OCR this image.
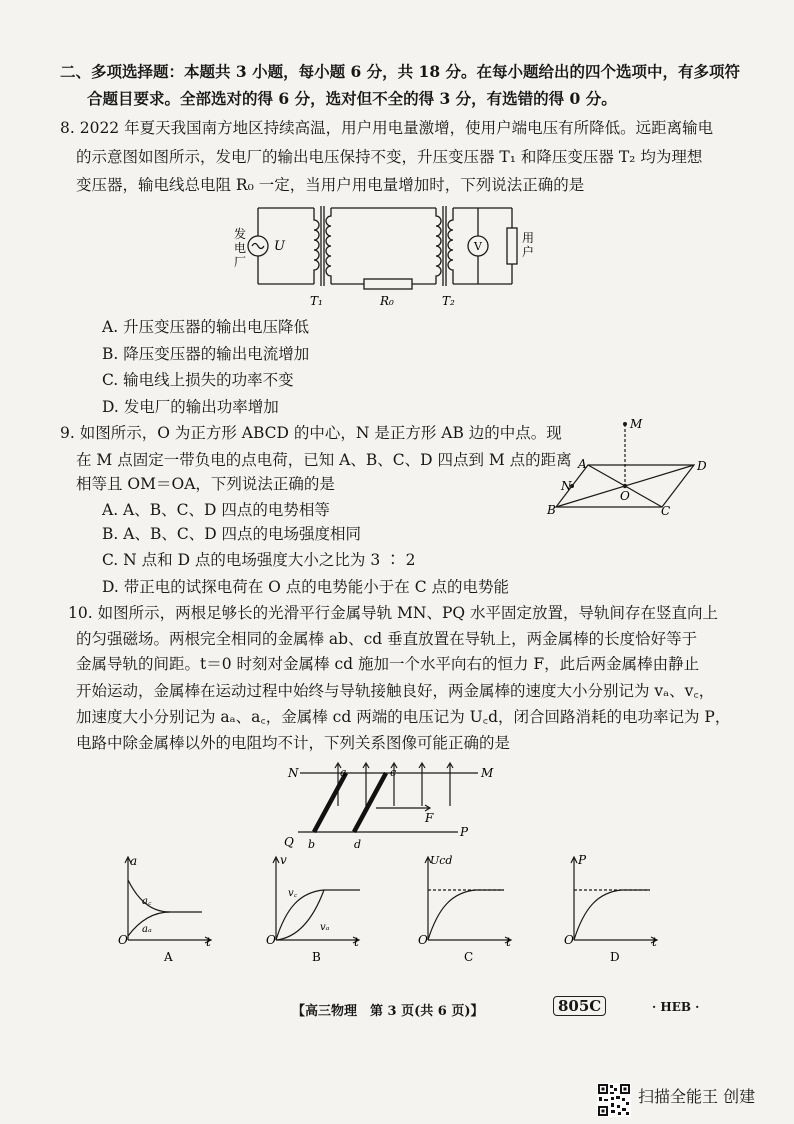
二、多项选择题：本题共 3 小题，每小题 6 分，共 18 分。在每小题给出的四个选项中，有多项符
合题目要求。全部选对的得 6 分，选对但不全的得 3 分，有选错的得 0 分。
8. 2022 年夏天我国南方地区持续高温，用户用电量激增，使用户端电压有所降低。远距离输电
的示意图如图所示，发电厂的输出电压保持不变，升压变压器 T₁ 和降压变压器 T₂ 均为理想
变压器，输电线总电阻 R₀ 一定，当用户用电量增加时，下列说法正确的是
发
电
厂
U	V
用
户
T₁	R₀	T₂
A. 升压变压器的输出电压降低
B. 降压变压器的输出电流增加
C. 输电线上损失的功率不变
D. 发电厂的输出功率增加
9. 如图所示，O 为正方形 ABCD 的中心，N 是正方形 AB 边的中点。现
在 M 点固定一带负电的点电荷，已知 A、B、C、D 四点到 M 点的距离
相等且 OM＝OA，下列说法正确的是
M
A	D
N
O
B	C
A. A、B、C、D 四点的电势相等
B. A、B、C、D 四点的电场强度相同
C. N 点和 D 点的电场强度大小之比为 3 ∶ 2
D. 带正电的试探电荷在 O 点的电势能小于在 C 点的电势能
10. 如图所示，两根足够长的光滑平行金属导轨 MN、PQ 水平固定放置，导轨间存在竖直向上
的匀强磁场。两根完全相同的金属棒 ab、cd 垂直放置在导轨上，两金属棒的长度恰好等于
金属导轨的间距。t＝0 时刻对金属棒 cd 施加一个水平向右的恒力 F，此后两金属棒由静止
开始运动，金属棒在运动过程中始终与导轨接触良好，两金属棒的速度大小分别记为 vₐ、v꜀，
加速度大小分别记为 aₐ、a꜀，金属棒 cd 两端的电压记为 U꜀d，闭合回路消耗的电功率记为 P，
电路中除金属棒以外的电阻均不计，下列关系图像可能正确的是
N	a	c	M
F
Q b	d
P
a
O	t
a꜀
aₐ
A
v
O	t
v꜀
vₐ
B
Ucd
O	t
C
P
O	t
D
【高三物理　第 3 页(共 6 页)】	805C	· HEB ·
扫描全能王 创建
